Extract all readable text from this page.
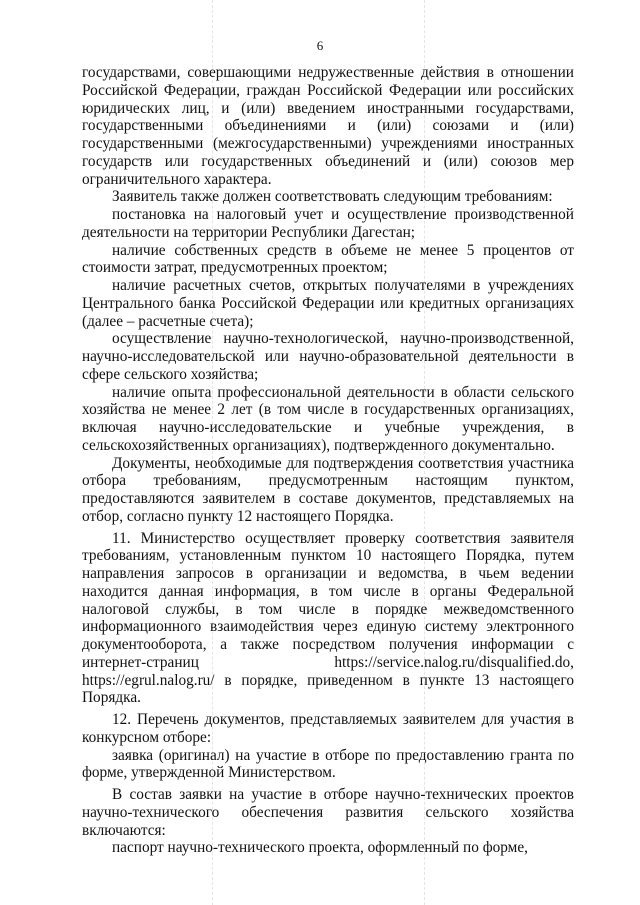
6

государствами, совершающими недружественные действия в отношении Российской Федерации, граждан Российской Федерации или российских юридических лиц, и (или) введением иностранными государствами, государственными объединениями и (или) союзами и (или) государственными (межгосударственными) учреждениями иностранных государств или государственных объединений и (или) союзов мер ограничительного характера.

Заявитель также должен соответствовать следующим требованиям:

постановка на налоговый учет и осуществление производственной деятельности на территории Республики Дагестан;

наличие собственных средств в объеме не менее 5 процентов от стоимости затрат, предусмотренных проектом;

наличие расчетных счетов, открытых получателями в учреждениях Центрального банка Российской Федерации или кредитных организациях (далее – расчетные счета);

осуществление научно-технологической, научно-производственной, научно-исследовательской или научно-образовательной деятельности в сфере сельского хозяйства;

наличие опыта профессиональной деятельности в области сельского хозяйства не менее 2 лет (в том числе в государственных организациях, включая научно-исследовательские и учебные учреждения, в сельскохозяйственных организациях), подтвержденного документально.

Документы, необходимые для подтверждения соответствия участника отбора требованиям, предусмотренным настоящим пунктом, предоставляются заявителем в составе документов, представляемых на отбор, согласно пункту 12 настоящего Порядка.

11. Министерство осуществляет проверку соответствия заявителя требованиям, установленным пунктом 10 настоящего Порядка, путем направления запросов в организации и ведомства, в чьем ведении находится данная информация, в том числе в органы Федеральной налоговой службы, в том числе в порядке межведомственного информационного взаимодействия через единую систему электронного документооборота, а также посредством получения информации с интернет-страниц https://service.nalog.ru/disqualified.do, https://egrul.nalog.ru/ в порядке, приведенном в пункте 13 настоящего Порядка.

12. Перечень документов, представляемых заявителем для участия в конкурсном отборе:

заявка (оригинал) на участие в отборе по предоставлению гранта по форме, утвержденной Министерством.

В состав заявки на участие в отборе научно-технических проектов научно-технического обеспечения развития сельского хозяйства включаются:

паспорт научно-технического проекта, оформленный по форме,
